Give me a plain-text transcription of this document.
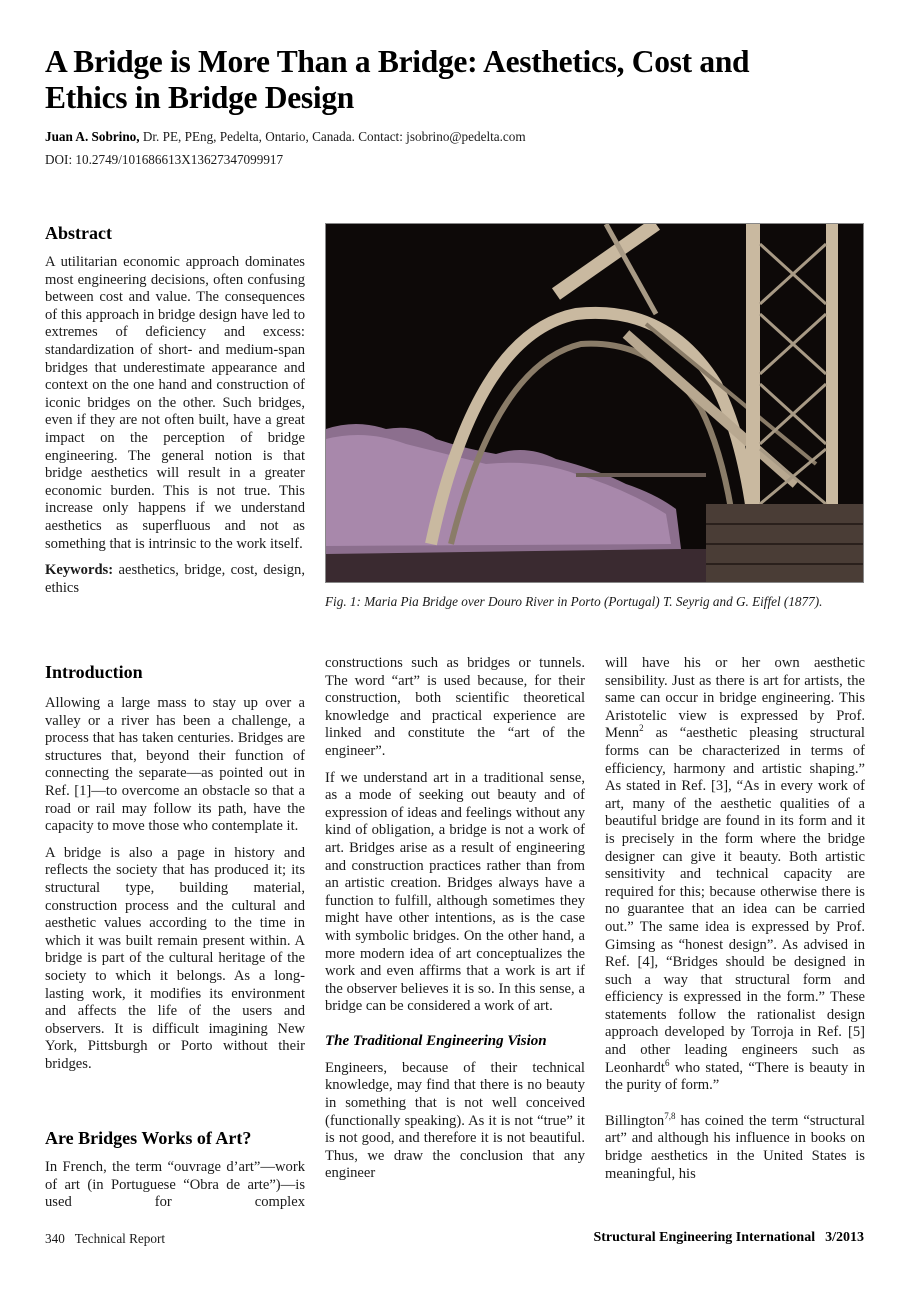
A Bridge is More Than a Bridge: Aesthetics, Cost and Ethics in Bridge Design
Juan A. Sobrino, Dr. PE, PEng, Pedelta, Ontario, Canada. Contact: jsobrino@pedelta.com
DOI: 10.2749/101686613X13627347099917
Abstract

A utilitarian economic approach dominates most engineering decisions, often confusing between cost and value. The consequences of this approach in bridge design have led to extremes of deficiency and excess: standardization of short- and medium-span bridges that underestimate appearance and context on the one hand and construction of iconic bridges on the other. Such bridges, even if they are not often built, have a great impact on the perception of bridge engineering. The general notion is that bridge aesthetics will result in a greater economic burden. This is not true. This increase only happens if we understand aesthetics as superfluous and not as something that is intrinsic to the work itself.

Keywords: aesthetics, bridge, cost, design, ethics

Introduction

Allowing a large mass to stay up over a valley or a river has been a challenge, a process that has taken centuries. Bridges are structures that, beyond their function of connecting the separate—as pointed out in Ref. [1]—to overcome an obstacle so that a road or rail may follow its path, have the capacity to move those who contemplate it.

A bridge is also a page in history and reflects the society that has produced it; its structural type, building material, construction process and the cultural and aesthetic values according to the time in which it was built remain present within. A bridge is part of the cultural heritage of the society to which it belongs. As a long-lasting work, it modifies its environment and affects the life of the users and observers. It is difficult imagining New York, Pittsburgh or Porto without their bridges.

Are Bridges Works of Art?

In French, the term “ouvrage d’art”—work of art (in Portuguese “Obra de arte”)—is used for complex

Fig. 1: Maria Pia Bridge over Douro River in Porto (Portugal) T. Seyrig and G. Eiffel (1877).

constructions such as bridges or tunnels. The word “art” is used because, for their construction, both scientific theoretical knowledge and practical experience are linked and constitute the “art of the engineer”.

If we understand art in a traditional sense, as a mode of seeking out beauty and of expression of ideas and feelings without any kind of obligation, a bridge is not a work of art. Bridges arise as a result of engineering and construction practices rather than from an artistic creation. Bridges always have a function to fulfill, although sometimes they might have other intentions, as is the case with symbolic bridges. On the other hand, a more modern idea of art conceptualizes the work and even affirms that a work is art if the observer believes it is so. In this sense, a bridge can be considered a work of art.

The Traditional Engineering Vision

Engineers, because of their technical knowledge, may find that there is no beauty in something that is not well conceived (functionally speaking). As it is not “true” it is not good, and therefore it is not beautiful. Thus, we draw the conclusion that any engineer

will have his or her own aesthetic sensibility. Just as there is art for artists, the same can occur in bridge engineering. This Aristotelic view is expressed by Prof. Menn$^2$ as “aesthetic pleasing structural forms can be characterized in terms of efficiency, harmony and artistic shaping.” As stated in Ref. [3], “As in every work of art, many of the aesthetic qualities of a beautiful bridge are found in its form and it is precisely in the form where the bridge designer can give it beauty. Both artistic sensitivity and technical capacity are required for this; because otherwise there is no guarantee that an idea can be carried out.” The same idea is expressed by Prof. Gimsing as “honest design”. As advised in Ref. [4], “Bridges should be designed in such a way that structural form and efficiency is expressed in the form.” These statements follow the rationalist design approach developed by Torroja in Ref. [5] and other leading engineers such as Leonhardt$^6$ who stated, “There is beauty in the purity of form.”

Billington$^{7,8}$ has coined the term “structural art” and although his influence in books on bridge aesthetics in the United States is meaningful, his

340 Technical Report	Structural Engineering International 3/2013
